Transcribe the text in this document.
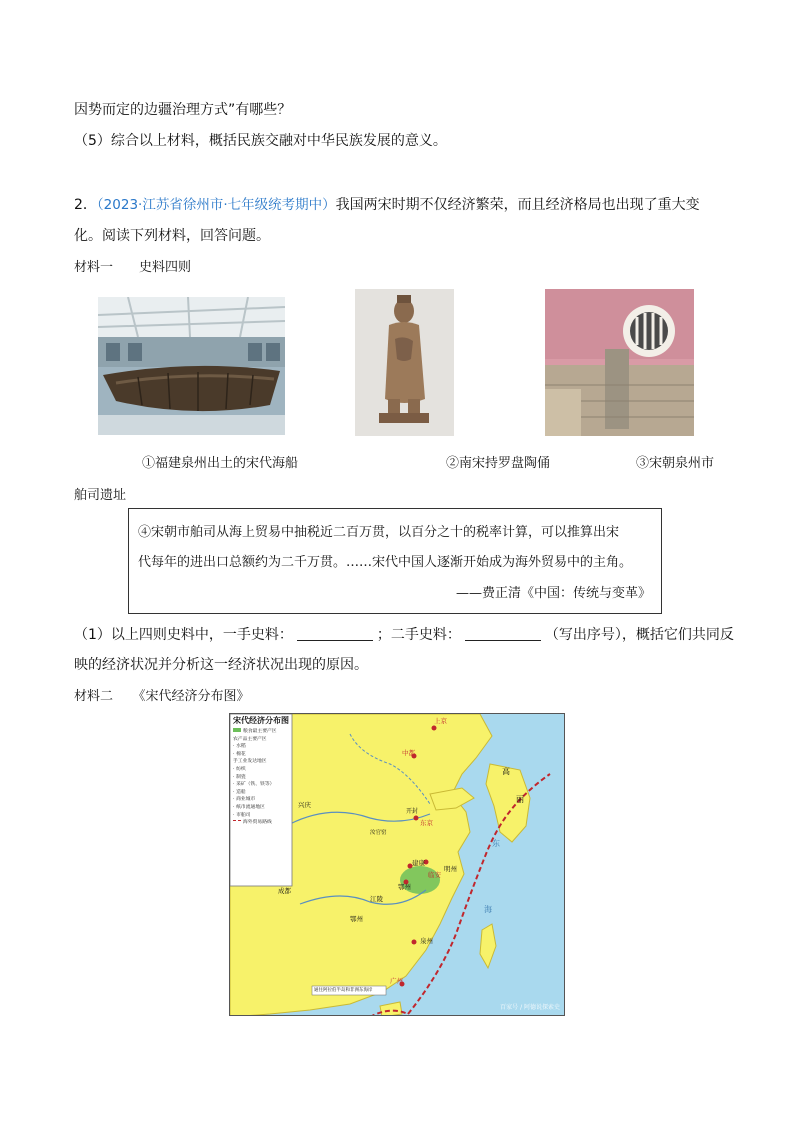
因势而定的边疆治理方式”有哪些？
（5）综合以上材料，概括民族交融对中华民族发展的意义。
2．（2023·江苏省徐州市·七年级统考期中）我国两宋时期不仅经济繁荣，而且经济格局也出现了重大变
化。阅读下列材料，回答问题。
材料一　　史料四则
①福建泉州出土的宋代海船	②南宋持罗盘陶俑	③宋朝泉州市
舶司遗址
④宋朝市舶司从海上贸易中抽税近二百万贯，以百分之十的税率计算，可以推算出宋
代每年的进出口总额约为二千万贯。……宋代中国人逐渐开始成为海外贸易中的主角。
——费正清《中国：传统与变革》
（1）以上四则史料中，一手史料：	；二手史料：	（写出序号），概括它们共同反
映的经济状况并分析这一经济状况出现的原因。
材料二　　《宋代经济分布图》
宋代经济分布图
粮食最主要产区
农产品主要产区
· 水稻
· 棉花
手工业发达地区
· 纺织
· 制瓷
· 采矿（铁、铁等）
· 造船
· 商业城市
· 纸币流通地区
· 市舶司
海外贸易路线
上京
中都
兴庆
开封
东京
汝官窑
成都
江陵
鄂州
建康
临安
明州
泉州
广州
鄂州
高
丽
东
海
通往阿拉伯半岛和非洲东海岸
百家号 / 阿德说探索史
